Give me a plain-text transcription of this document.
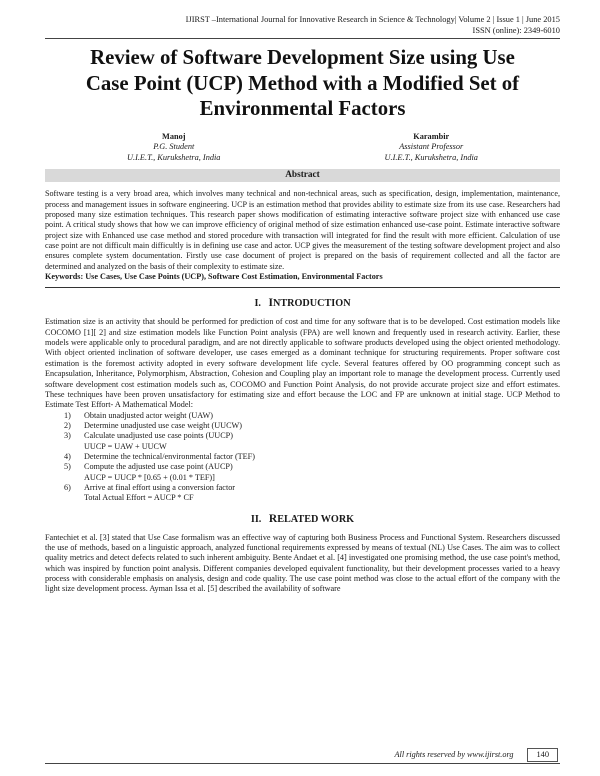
IJIRST –International Journal for Innovative Research in Science & Technology| Volume 2 | Issue 1 | June 2015
ISSN (online): 2349-6010
Review of Software Development Size using Use
Case Point (UCP) Method with a Modified Set of
Environmental Factors
Manoj
P.G. Student
U.I.E.T., Kurukshetra, India
Karambir
Assistant Professor
U.I.E.T., Kurukshetra, India
Abstract

Software testing is a very broad area, which involves many technical and non-technical areas, such as specification, design, implementation, maintenance, process and management issues in software engineering. UCP is an estimation method that provides ability to estimate size from its use case. Researchers had proposed many size estimation techniques. This research paper shows modification of estimating interactive software project size with enhanced use case point. A critical study shows that how we can improve efficiency of original method of size estimation enhanced use-case point. Estimate interactive software project size with Enhanced use case method and stored procedure with transaction will integrated for find the result with more efficient. Calculation of use case point are not difficult main difficultly is in defining use case and actor. UCP gives the measurement of the testing software development project and also ensures complete system documentation. Firstly use case document of project is prepared on the basis of requirement collected and all the factor are determined and analyzed on the basis of their complexity to estimate size.

Keywords: Use Cases, Use Case Points (UCP), Software Cost Estimation, Environmental Factors

I. INTRODUCTION

Estimation size is an activity that should be performed for prediction of cost and time for any software that is to be developed. Cost estimation models like COCOMO [1][ 2] and size estimation models like Function Point analysis (FPA) are well known and frequently used in research activity. Earlier, these models were applicable only to procedural paradigm, and are not directly applicable to software products developed using the object oriented methodology. With object oriented inclination of software developer, use cases emerged as a dominant technique for structuring requirements. Proper software cost estimation is the foremost activity adopted in every software development life cycle. Several features offered by OO programming concept such as Encapsulation, Inheritance, Polymorphism, Abstraction, Cohesion and Coupling play an important role to manage the development process. Currently used software development cost estimation models such as, COCOMO and Function Point Analysis, do not provide accurate project size and effort estimates. These techniques have been proven unsatisfactory for estimating size and effort because the LOC and FP are unknown at initial stage. UCP Method to Estimate Test Effort- A Mathematical Model:

1) Obtain unadjusted actor weight (UAW)
2) Determine unadjusted use case weight (UUCW)
3) Calculate unadjusted use case points (UUCP)
UUCP = UAW + UUCW
4) Determine the technical/environmental factor (TEF)
5) Compute the adjusted use case point (AUCP)
AUCP = UUCP * [0.65 + (0.01 * TEF)]
6) Arrive at final effort using a conversion factor
Total Actual Effort = AUCP * CF
II. RELATED WORK

Fantechiet et al. [3] stated that Use Case formalism was an effective way of capturing both Business Process and Functional System. Researchers discussed the use of methods, based on a linguistic approach, analyzed functional requirements expressed by means of textual (NL) Use Cases. The aim was to collect quality metrics and detect defects related to such inherent ambiguity. Bente Andaet et al. [4] investigated one promising method, the use case point's method, which was inspired by function point analysis. Different companies developed equivalent functionality, but their development processes varied to a heavy process with considerable emphasis on analysis, design and code quality. The use case point method was close to the actual effort of the company with the light size development process. Ayman Issa et al. [5] described the availability of software

All rights reserved by www.ijirst.org	140
